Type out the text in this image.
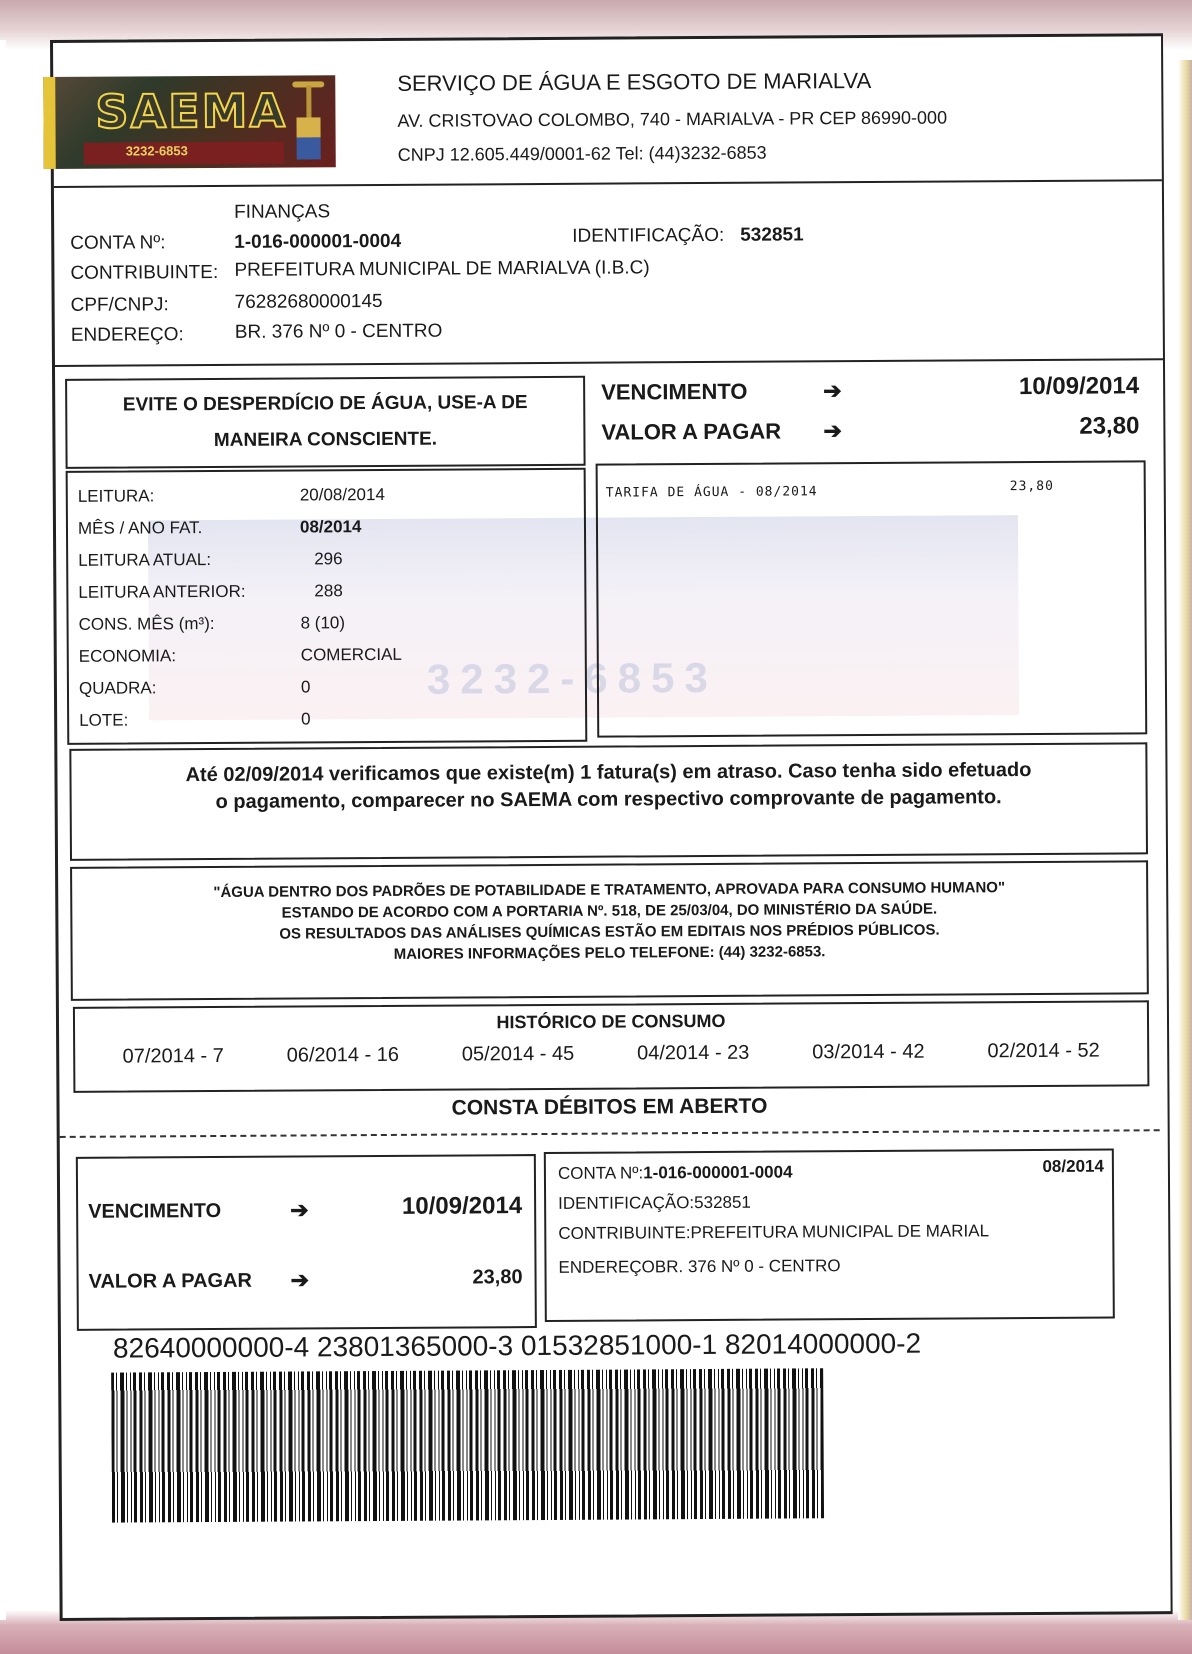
SAEMA
3232-6853
SERVIÇO DE ÁGUA E ESGOTO DE MARIALVA
AV. CRISTOVAO COLOMBO, 740 - MARIALVA - PR CEP 86990-000
CNPJ 12.605.449/0001-62 Tel: (44)3232-6853
FINANÇAS
CONTA Nº:	1-016-000001-0004	IDENTIFICAÇÃO: 532851
CONTRIBUINTE: PREFEITURA MUNICIPAL DE MARIALVA (I.B.C)
CPF/CNPJ:	76282680000145
ENDEREÇO:	BR. 376 Nº 0 - CENTRO
EVITE O DESPERDÍCIO DE ÁGUA, USE-A DE
MANEIRA CONSCIENTE.
VENCIMENTO	➔	10/09/2014
VALOR A PAGAR ➔	23,80
3232-6853
LEITURA:	20/08/2014
MÊS / ANO FAT.	08/2014
LEITURA ATUAL:	296
LEITURA ANTERIOR:	288
CONS. MÊS (m³):	8 (10)
ECONOMIA:	COMERCIAL
QUADRA:	0
LOTE:	0
TARIFA DE ÁGUA - 08/2014	23,80
Até 02/09/2014 verificamos que existe(m) 1 fatura(s) em atraso. Caso tenha sido efetuado
o pagamento, comparecer no SAEMA com respectivo comprovante de pagamento.
"ÁGUA DENTRO DOS PADRÕES DE POTABILIDADE E TRATAMENTO, APROVADA PARA CONSUMO HUMANO"
ESTANDO DE ACORDO COM A PORTARIA Nº. 518, DE 25/03/04, DO MINISTÉRIO DA SAÚDE.
OS RESULTADOS DAS ANÁLISES QUÍMICAS ESTÃO EM EDITAIS NOS PRÉDIOS PÚBLICOS.
MAIORES INFORMAÇÕES PELO TELEFONE: (44) 3232-6853.
HISTÓRICO DE CONSUMO
07/2014 - 7	06/2014 - 16	05/2014 - 45	04/2014 - 23	03/2014 - 42	02/2014 - 52
CONSTA DÉBITOS EM ABERTO
VENCIMENTO	➔	10/09/2014
VALOR A PAGAR ➔	23,80
CONTA Nº:1-016-000001-0004	08/2014
IDENTIFICAÇÃO:532851
CONTRIBUINTE:PREFEITURA MUNICIPAL DE MARIAL
ENDEREÇOBR. 376 Nº 0 - CENTRO
82640000000-4 23801365000-3 01532851000-1 82014000000-2
